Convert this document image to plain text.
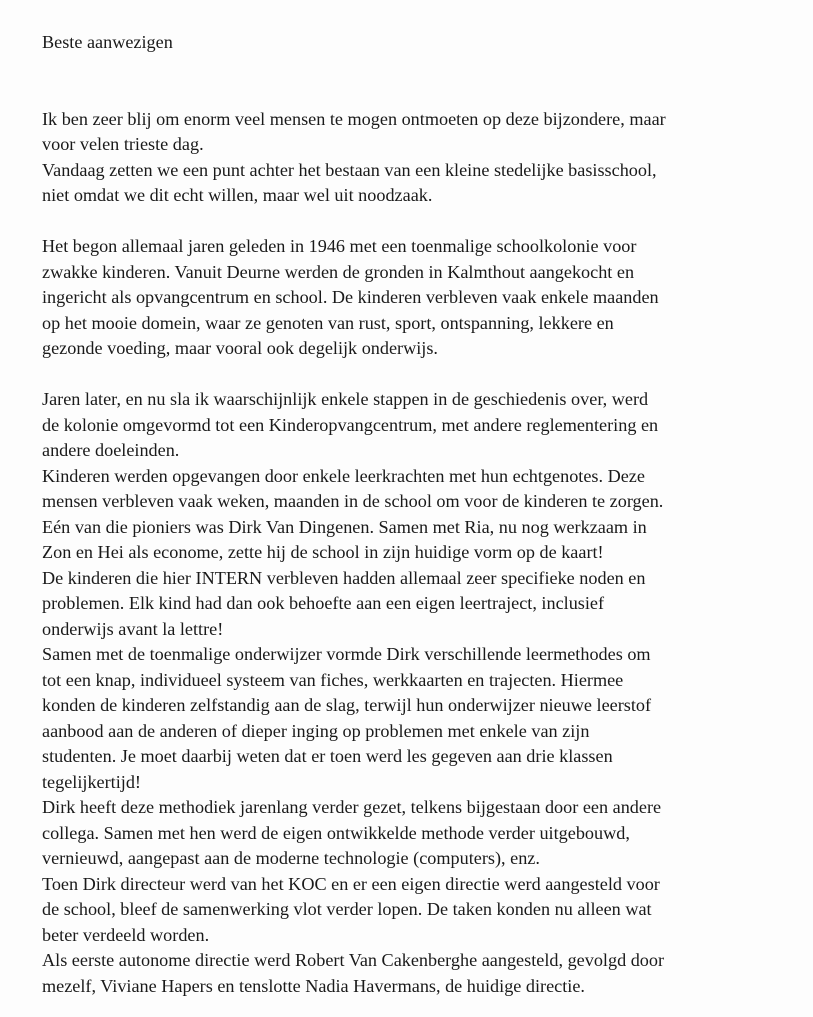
Beste aanwezigen
Ik ben zeer blij om enorm veel mensen te mogen ontmoeten op deze bijzondere, maar
voor velen trieste dag.
Vandaag zetten we een punt achter het bestaan van een kleine stedelijke basisschool,
niet omdat we dit echt willen, maar wel uit noodzaak.
Het begon allemaal jaren geleden in 1946 met een toenmalige schoolkolonie voor
zwakke kinderen. Vanuit Deurne werden de gronden in Kalmthout aangekocht en
ingericht als opvangcentrum en school. De kinderen verbleven vaak enkele maanden
op het mooie domein, waar ze genoten van rust, sport, ontspanning, lekkere en
gezonde voeding, maar vooral ook degelijk onderwijs.
Jaren later, en nu sla ik waarschijnlijk enkele stappen in de geschiedenis over, werd
de kolonie omgevormd tot een Kinderopvangcentrum, met andere reglementering en
andere doeleinden.
Kinderen werden opgevangen door enkele leerkrachten met hun echtgenotes. Deze
mensen verbleven vaak weken, maanden in de school om voor de kinderen te zorgen.
Eén van die pioniers was Dirk Van Dingenen. Samen met Ria, nu nog werkzaam in
Zon en Hei als econome, zette hij de school in zijn huidige vorm op de kaart!
De kinderen die hier INTERN verbleven hadden allemaal zeer specifieke noden en
problemen. Elk kind had dan ook behoefte aan een eigen leertraject, inclusief
onderwijs avant la lettre!
Samen met de toenmalige onderwijzer vormde Dirk verschillende leermethodes om
tot een knap, individueel systeem van fiches, werkkaarten en trajecten. Hiermee
konden de kinderen zelfstandig aan de slag, terwijl hun onderwijzer nieuwe leerstof
aanbood aan de anderen of dieper inging op problemen met enkele van zijn
studenten. Je moet daarbij weten dat er toen werd les gegeven aan drie klassen
tegelijkertijd!
Dirk heeft deze methodiek jarenlang verder gezet, telkens bijgestaan door een andere
collega. Samen met hen werd de eigen ontwikkelde methode verder uitgebouwd,
vernieuwd, aangepast aan de moderne technologie (computers), enz.
Toen Dirk directeur werd van het KOC en er een eigen directie werd aangesteld voor
de school, bleef de samenwerking vlot verder lopen. De taken konden nu alleen wat
beter verdeeld worden.
Als eerste autonome directie werd Robert Van Cakenberghe aangesteld, gevolgd door
mezelf, Viviane Hapers en tenslotte Nadia Havermans, de huidige directie.
